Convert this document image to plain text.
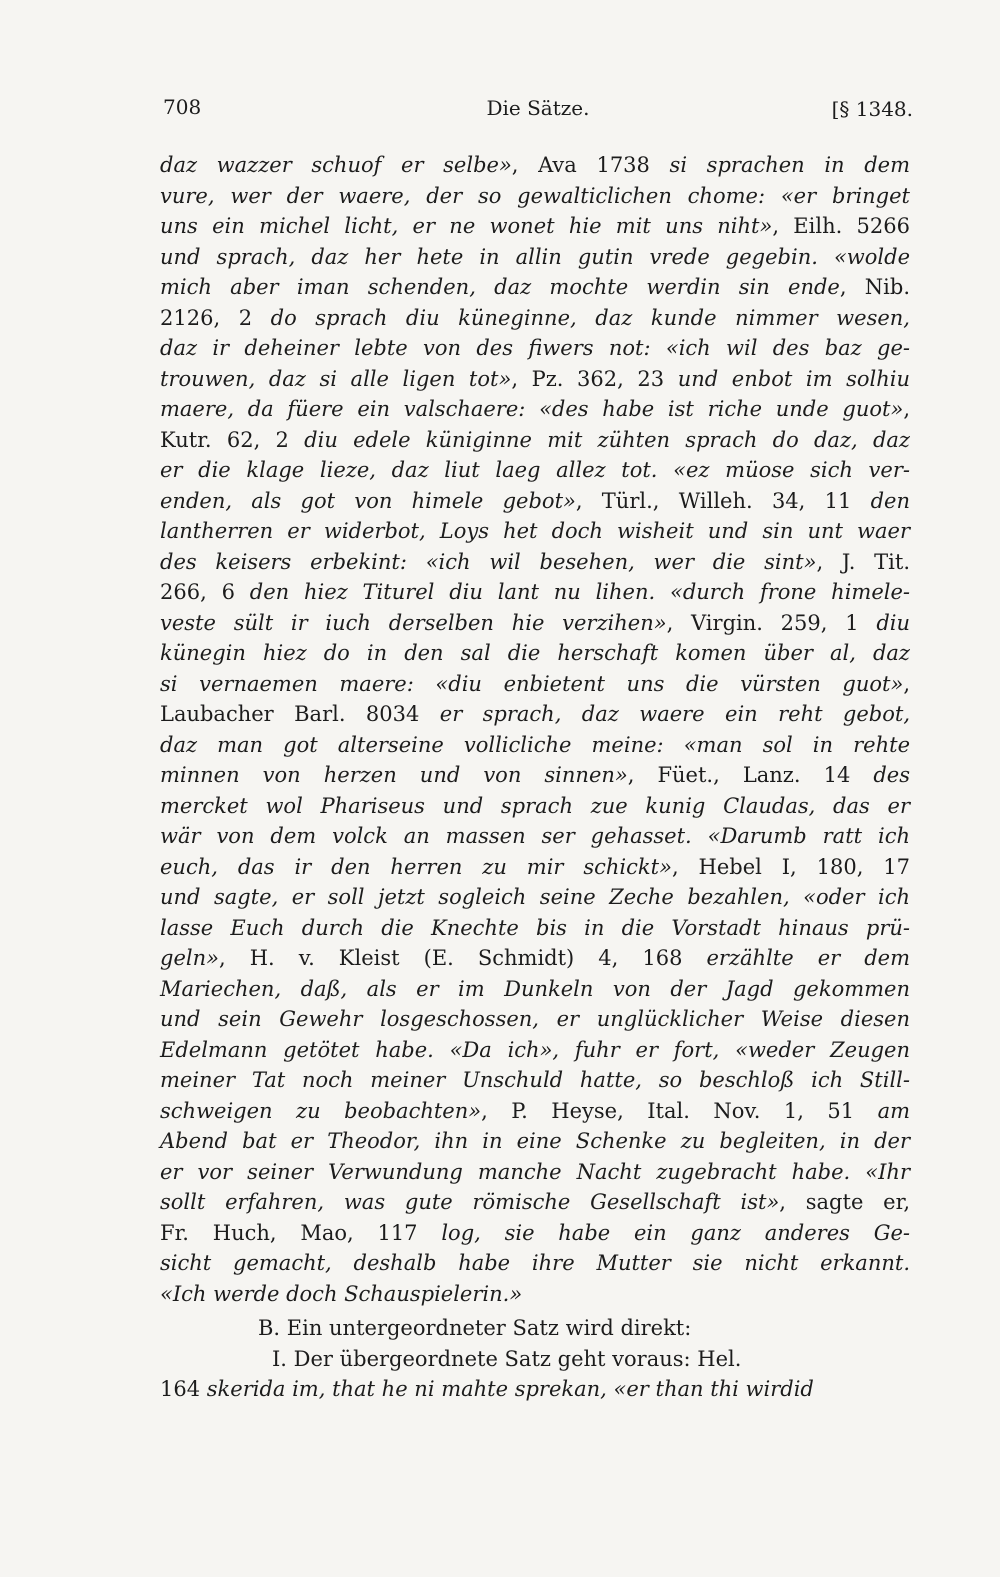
708	Die Sätze.	[§ 1348.
daz wazzer schuof er selbe», Ava 1738 si sprachen in dem
vure, wer der waere, der so gewalticlichen chome: «er bringet
uns ein michel licht, er ne wonet hie mit uns niht», Eilh. 5266
und sprach, daz her hete in allin gutin vrede gegebin. «wolde
mich aber iman schenden, daz mochte werdin sin ende, Nib.
2126, 2 do sprach diu küneginne, daz kunde nimmer wesen,
daz ir deheiner lebte von des fiwers not: «ich wil des baz ge-
trouwen, daz si alle ligen tot», Pz. 362, 23 und enbot im solhiu
maere, da füere ein valschaere: «des habe ist riche unde guot»,
Kutr. 62, 2 diu edele küniginne mit zühten sprach do daz, daz
er die klage lieze, daz liut laeg allez tot. «ez müose sich ver-
enden, als got von himele gebot», Türl., Willeh. 34, 11 den
lantherren er widerbot, Loys het doch wisheit und sin unt waer
des keisers erbekint: «ich wil besehen, wer die sint», J. Tit.
266, 6 den hiez Titurel diu lant nu lihen. «durch frone himele-
veste sült ir iuch derselben hie verzihen», Virgin. 259, 1 diu
künegin hiez do in den sal die herschaft komen über al, daz
si vernaemen maere: «diu enbietent uns die vürsten guot»,
Laubacher Barl. 8034 er sprach, daz waere ein reht gebot,
daz man got alterseine vollicliche meine: «man sol in rehte
minnen von herzen und von sinnen», Füet., Lanz. 14 des
mercket wol Phariseus und sprach zue kunig Claudas, das er
wär von dem volck an massen ser gehasset. «Darumb ratt ich
euch, das ir den herren zu mir schickt», Hebel I, 180, 17
und sagte, er soll jetzt sogleich seine Zeche bezahlen, «oder ich
lasse Euch durch die Knechte bis in die Vorstadt hinaus prü-
geln», H. v. Kleist (E. Schmidt) 4, 168 erzählte er dem
Mariechen, daß, als er im Dunkeln von der Jagd gekommen
und sein Gewehr losgeschossen, er unglücklicher Weise diesen
Edelmann getötet habe. «Da ich», fuhr er fort, «weder Zeugen
meiner Tat noch meiner Unschuld hatte, so beschloß ich Still-
schweigen zu beobachten», P. Heyse, Ital. Nov. 1, 51 am
Abend bat er Theodor, ihn in eine Schenke zu begleiten, in der
er vor seiner Verwundung manche Nacht zugebracht habe. «Ihr
sollt erfahren, was gute römische Gesellschaft ist», sagte er,
Fr. Huch, Mao, 117 log, sie habe ein ganz anderes Ge-
sicht gemacht, deshalb habe ihre Mutter sie nicht erkannt.
«Ich werde doch Schauspielerin.»
B. Ein untergeordneter Satz wird direkt:
I. Der übergeordnete Satz geht voraus: Hel.
164 skerida im, that he ni mahte sprekan, «er than thi wirdid
